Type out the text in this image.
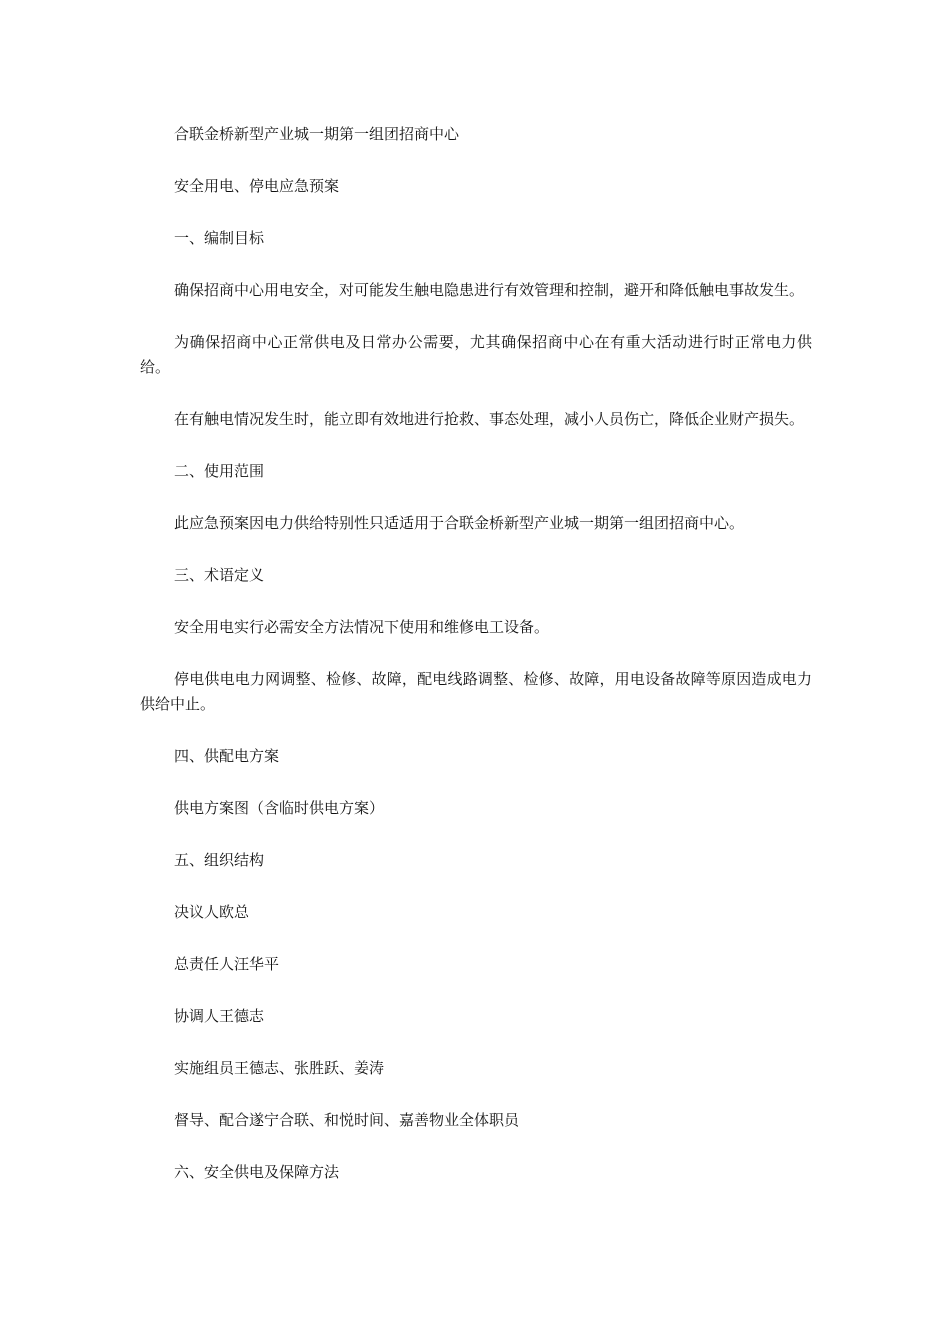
合联金桥新型产业城一期第一组团招商中心

安全用电、停电应急预案

一、编制目标

确保招商中心用电安全，对可能发生触电隐患进行有效管理和控制，避开和降低触电事故发生。

为确保招商中心正常供电及日常办公需要，尤其确保招商中心在有重大活动进行时正常电力供给。

在有触电情况发生时，能立即有效地进行抢救、事态处理，减小人员伤亡，降低企业财产损失。

二、使用范围

此应急预案因电力供给特别性只适适用于合联金桥新型产业城一期第一组团招商中心。

三、术语定义

安全用电实行必需安全方法情况下使用和维修电工设备。

停电供电电力网调整、检修、故障，配电线路调整、检修、故障，用电设备故障等原因造成电力供给中止。

四、供配电方案

供电方案图（含临时供电方案）

五、组织结构

决议人欧总

总责任人汪华平

协调人王德志

实施组员王德志、张胜跃、姜涛

督导、配合遂宁合联、和悦时间、嘉善物业全体职员

六、安全供电及保障方法
